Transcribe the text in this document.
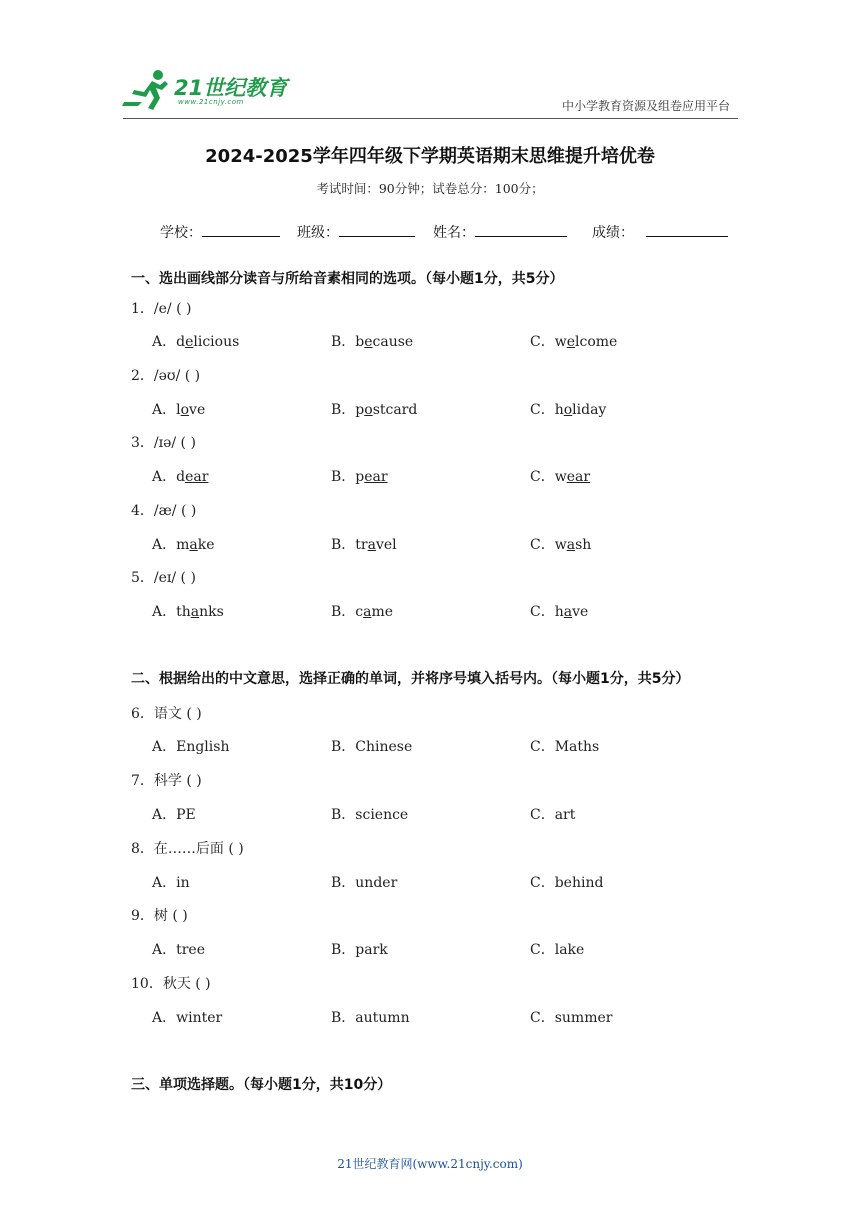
21世纪教育
www.21cnjy.com	中小学教育资源及组卷应用平台
2024-2025学年四年级下学期英语期末思维提升培优卷
考试时间：90分钟；试卷总分：100分；
学校：	班级：	姓名：	成绩：
一、选出画线部分读音与所给音素相同的选项。（每小题1分，共5分）
1．/e/ ( )
A．delicious	B．because	C．welcome
2．/əʊ/ ( )
A．love	B．postcard	C．holiday
3．/ɪə/ ( )
A．dear	B．pear	C．wear
4．/æ/ ( )
A．make	B．travel	C．wash
5．/eɪ/ ( )
A．thanks	B．came	C．have
二、根据给出的中文意思，选择正确的单词，并将序号填入括号内。（每小题1分，共5分）
6．语文 ( )
A．English	B．Chinese	C．Maths
7．科学 ( )
A．PE	B．science	C．art
8．在……后面 ( )
A．in	B．under	C．behind
9．树 ( )
A．tree	B．park	C．lake
10．秋天 ( )
A．winter	B．autumn	C．summer
三、单项选择题。（每小题1分，共10分）
21世纪教育网(www.21cnjy.com)
